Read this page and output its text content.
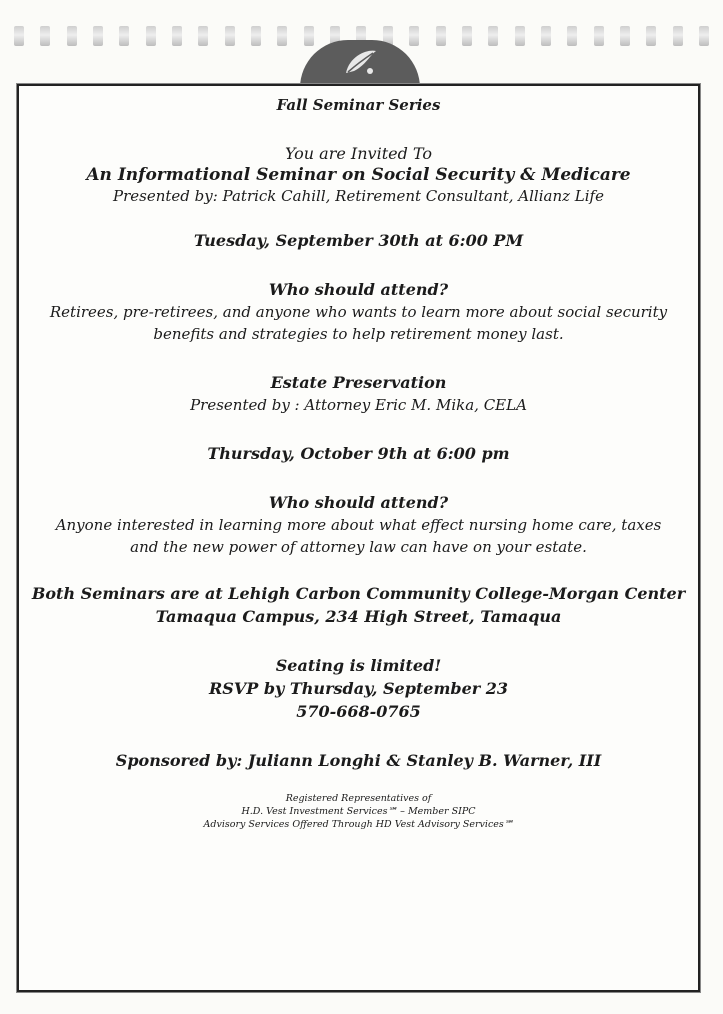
Fall Seminar Series
You are Invited To
An Informational Seminar on Social Security & Medicare
Presented by: Patrick Cahill, Retirement Consultant, Allianz Life
Tuesday, September 30th at 6:00 PM
Who should attend?
Retirees, pre-retirees, and anyone who wants to learn more about social security
benefits and strategies to help retirement money last.
Estate Preservation
Presented by : Attorney Eric M. Mika, CELA
Thursday, October 9th at 6:00 pm
Who should attend?
Anyone interested in learning more about what effect nursing home care, taxes
and the new power of attorney law can have on your estate.
Both Seminars are at Lehigh Carbon Community College-Morgan Center
Tamaqua Campus, 234 High Street, Tamaqua
Seating is limited!
RSVP by Thursday, September 23
570-668-0765
Sponsored by: Juliann Longhi & Stanley B. Warner, III
Registered Representatives of
H.D. Vest Investment Services℠ – Member SIPC
Advisory Services Offered Through HD Vest Advisory Services℠
